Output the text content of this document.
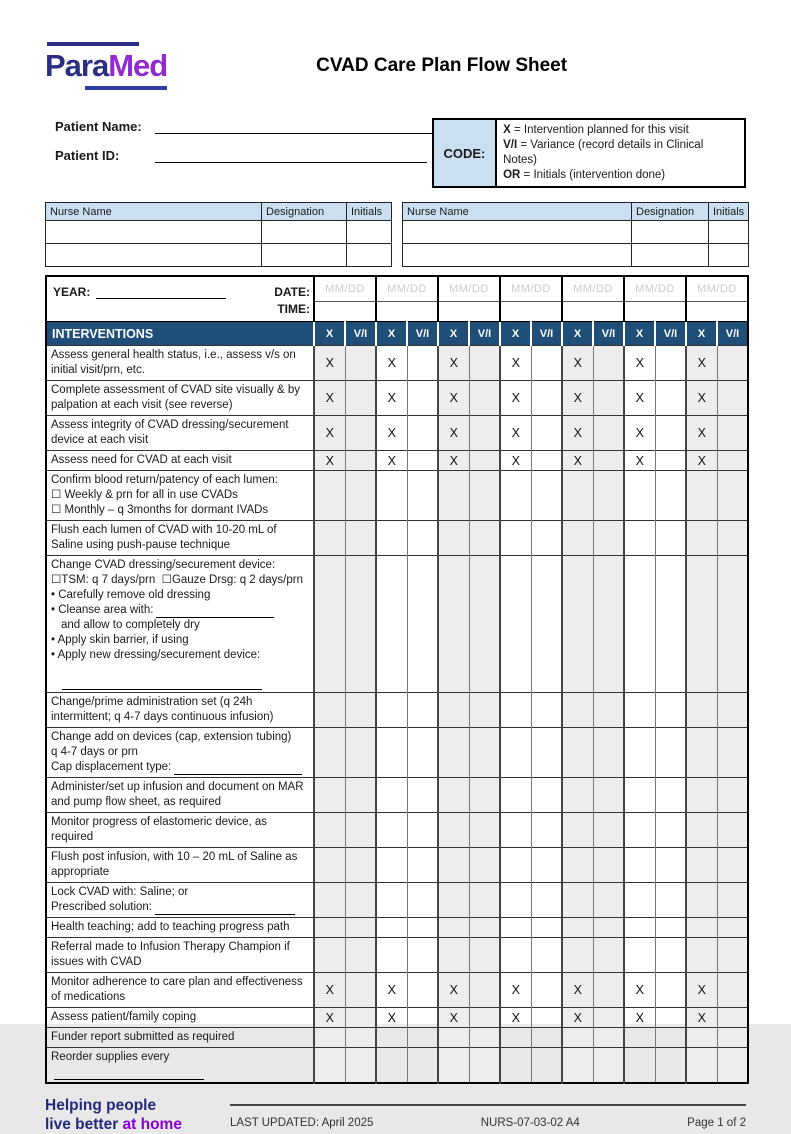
ParaMed	CVAD Care Plan Flow Sheet
Patient Name:
Patient ID:	CODE:
X = Intervention planned for this visit
V/I = Variance (record details in Clinical Notes)
OR = Initials (intervention done)
Nurse Name	Designation	Initials

		Nurse Name	Designation	Initials

YEAR: DATE:
TIME:	MM/DD		MM/DD		MM/DD		MM/DD		MM/DD		MM/DD		MM/DD	

INTERVENTIONS	X	V/I	X	V/I	X	V/I	X	V/I	X	V/I	X	V/I	X	V/I

Assess general health status, i.e., assess v/s on initial visit/prn, etc.	X		X		X		X		X		X		X	

Complete assessment of CVAD site visually & by palpation at each visit (see reverse)	X		X		X		X		X		X		X	

Assess integrity of CVAD dressing/securement device at each visit	X		X		X		X		X		X		X	

Assess need for CVAD at each visit	X		X		X		X		X		X		X	

Confirm blood return/patency of each lumen:
☐ Weekly & prn for all in use CVADs
☐ Monthly – q 3months for dormant IVADs														

Flush each lumen of CVAD with 10-20 mL of Saline using push-pause technique														

Change CVAD dressing/securement device:
☐TSM: q 7 days/prn  ☐Gauze Drsg: q 2 days/prn
• Carefully remove old dressing
• Cleanse area with:
and allow to completely dry
• Apply skin barrier, if using
• Apply new dressing/securement device:

Change/prime administration set (q 24h intermittent; q 4-7 days continuous infusion)														

Change add on devices (cap, extension tubing)
q 4-7 days or prn
Cap displacement type:														

Administer/set up infusion and document on MAR and pump flow sheet, as required														

Monitor progress of elastomeric device, as required														

Flush post infusion, with 10 – 20 mL of Saline as appropriate														

Lock CVAD with: Saline; or
Prescribed solution:														

Health teaching; add to teaching progress path														

Referral made to Infusion Therapy Champion if issues with CVAD														

Monitor adherence to care plan and effectiveness of medications	X		X		X		X		X		X		X	

Assess patient/family coping	X		X		X		X		X		X		X	

Funder report submitted as required														

Reorder supplies every														

Helping people
live better at home	LAST UPDATED: April 2025	NURS-07-03-02 A4	Page 1 of 2
